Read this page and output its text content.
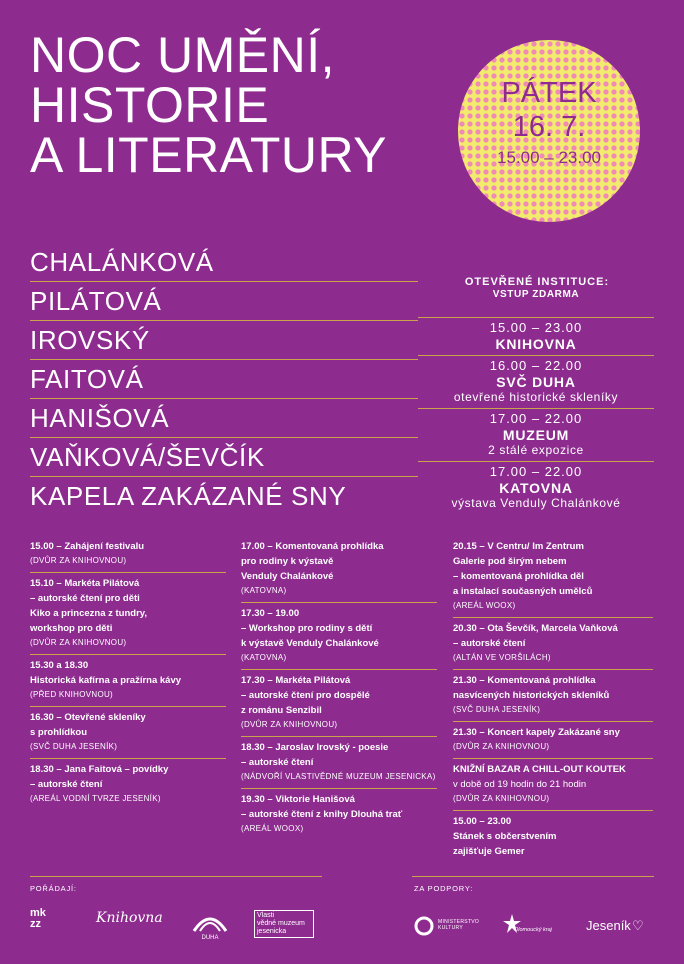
NOC UMĚNÍ,
HISTORIE
A LITERATURY
PÁTEK
16. 7.
15.00 – 23.00
CHALÁNKOVÁ
PILÁTOVÁ
IROVSKÝ
FAITOVÁ
HANIŠOVÁ
VAŇKOVÁ/ŠEVČÍK
KAPELA ZAKÁZANÉ SNY
OTEVŘENÉ INSTITUCE:
VSTUP ZDARMA
15.00 – 23.00
KNIHOVNA
16.00 – 22.00
SVČ DUHA
otevřené historické skleníky
17.00 – 22.00
MUZEUM
2 stálé expozice
17.00 – 22.00
KATOVNA
výstava Venduly Chalánkové
15.00 – Zahájení festivalu
(DVŮR ZA KNIHOVNOU)
15.10 – Markéta Pilátová
– autorské čtení pro děti
Kiko a princezna z tundry,
workshop pro děti
(DVŮR ZA KNIHOVNOU)
15.30 a 18.30
Historická kafírna a pražírna kávy
(PŘED KNIHOVNOU)
16.30 – Otevřené skleníky
s prohlídkou
(SVČ DUHA JESENÍK)
18.30 – Jana Faitová – povídky
– autorské čtení
(AREÁL VODNÍ TVRZE JESENÍK)
17.00 – Komentovaná prohlídka
pro rodiny k výstavě
Venduly Chalánkové
(KATOVNA)
17.30 – 19.00
– Workshop pro rodiny s dětí
k výstavě Venduly Chalánkové
(KATOVNA)
17.30 – Markéta Pilátová
– autorské čtení pro dospělé
z románu Senzibil
(DVŮR ZA KNIHOVNOU)
18.30 – Jaroslav Irovský - poesie
– autorské čtení
(NÁDVOŘÍ VLASTIVĚDNÉ MUZEUM JESENICKA)
19.30 – Viktorie Hanišová
– autorské čtení z knihy Dlouhá trať
(AREÁL WOOX)
20.15 – V Centru/ Im Zentrum
Galerie pod širým nebem
– komentovaná prohlídka děl
a instalací současných umělců
(AREÁL WOOX)
20.30 – Ota Ševčík, Marcela Vaňková
– autorské čtení
(ALTÁN VE VORŠILÁCH)
21.30 – Komentovaná prohlídka
nasvícených historických skleníků
(SVČ DUHA JESENÍK)
21.30 – Koncert kapely Zakázané sny
(DVŮR ZA KNIHOVNOU)
KNIŽNÍ BAZAR A CHILL-OUT KOUTEK
v době od 19 hodin do 21 hodin
(DVŮR ZA KNIHOVNOU)
15.00 – 23.00
Stánek s občerstvením
zajišťuje Gemer
POŘÁDAJÍ:	ZA PODPORY:
mk
zz	Knihovna
DUHA
Vlasti
vědné muzeum
jesenicka
MINISTERSTVO
KULTURY	Olomoucký kraj	Jeseník ♡
